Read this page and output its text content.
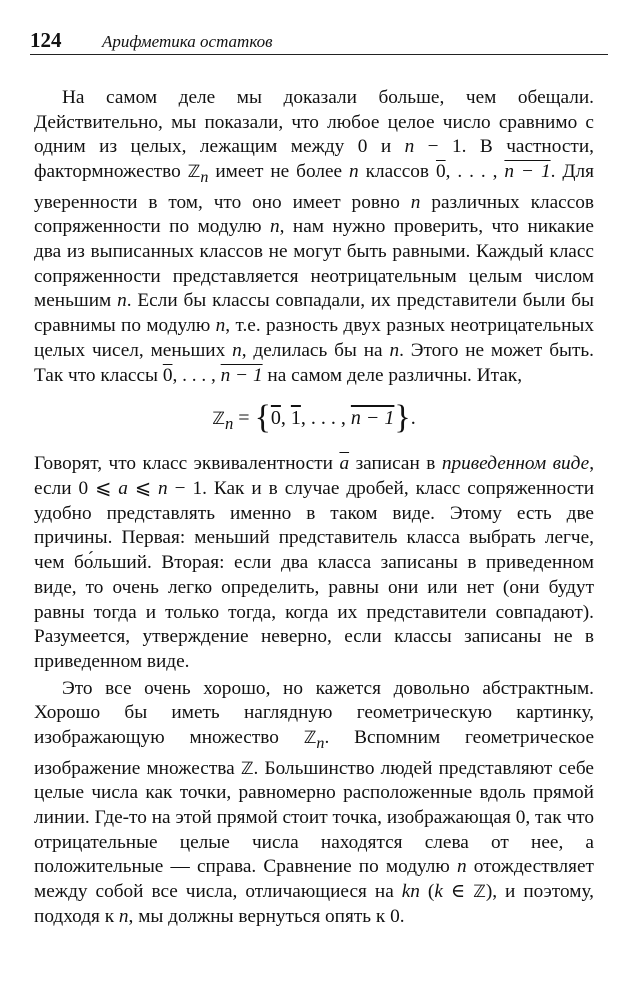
124 Арифметика остатков

На самом деле мы доказали больше, чем обещали. Действительно, мы показали, что любое целое число сравнимо с одним из целых, лежащим между 0 и n − 1. В частности, фактормножество ℤ$_n$ имеет не более n классов 0, . . . , n − 1. Для уверенности в том, что оно имеет ровно n различных классов сопряженности по модулю n, нам нужно проверить, что никакие два из выписанных классов не могут быть равными. Каждый класс сопряженности представляется неотрицательным целым числом меньшим n. Если бы классы совпадали, их представители были бы сравнимы по модулю n, т.е. разность двух разных неотрицательных целых чисел, меньших n, делилась бы на n. Этого не может быть. Так что классы 0, . . . , n − 1 на самом деле различны. Итак,

ℤ$_n$ = {0, 1, . . . , n − 1}.

Говорят, что класс эквивалентности $\overline{a}$ записан в приведенном виде, если 0 ⩽ a ⩽ n − 1. Как и в случае дробей, класс сопряженности удобно представлять именно в таком виде. Этому есть две причины. Первая: меньший представитель класса выбрать легче, чем бо́льший. Вторая: если два класса записаны в приведенном виде, то очень легко определить, равны они или нет (они будут равны тогда и только тогда, когда их представители совпадают). Разумеется, утверждение неверно, если классы записаны не в приведенном виде.

Это все очень хорошо, но кажется довольно абстрактным. Хорошо бы иметь наглядную геометрическую картинку, изображающую множество ℤ$_n$. Вспомним геометрическое изображение множества ℤ. Большинство людей представляют себе целые числа как точки, равномерно расположенные вдоль прямой линии. Где-то на этой прямой стоит точка, изображающая 0, так что отрицательные целые числа находятся слева от нее, а положительные — справа. Сравнение по модулю n отождествляет между собой все числа, отличающиеся на kn (k ∈ ℤ), и поэтому, подходя к n, мы должны вернуться опять к 0.
